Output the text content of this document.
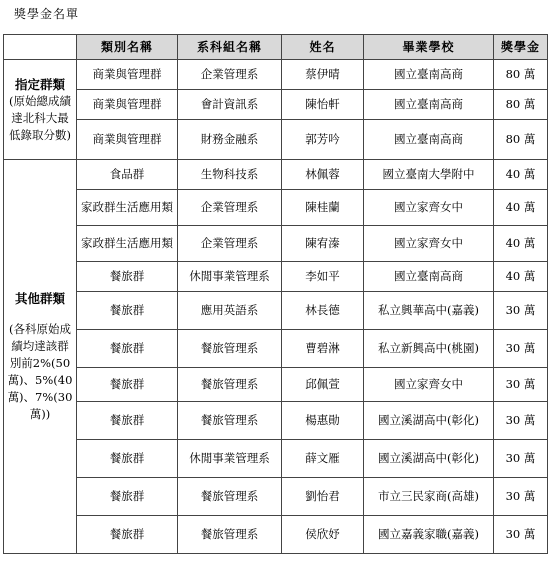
獎學金名單
	類別名稱	系科組名稱	姓名	畢業學校	獎學金

指定群類
(原始總成績達北科大最低錄取分數)	商業與管理群	企業管理系	蔡伊晴	國立臺南高商	80 萬
	商業與管理群	會計資訊系	陳怡軒	國立臺南高商	80 萬
	商業與管理群	財務金融系	郭芳吟	國立臺南高商	80 萬

其他群類
(各科原始成績均達該群別前2%(50萬)、5%(40萬)、7%(30萬))	食品群	生物科技系	林佩蓉	國立臺南大學附中	40 萬
	家政群生活應用類	企業管理系	陳桂蘭	國立家齊女中	40 萬
	家政群生活應用類	企業管理系	陳宥溱	國立家齊女中	40 萬
	餐旅群	休閒事業管理系	李如平	國立臺南高商	40 萬
	餐旅群	應用英語系	林長德	私立興華高中(嘉義)	30 萬
	餐旅群	餐旅管理系	曹碧淋	私立新興高中(桃園)	30 萬
	餐旅群	餐旅管理系	邱佩萱	國立家齊女中	30 萬
	餐旅群	餐旅管理系	楊惠勛	國立溪湖高中(彰化)	30 萬
	餐旅群	休閒事業管理系	薛文雁	國立溪湖高中(彰化)	30 萬
	餐旅群	餐旅管理系	劉怡君	市立三民家商(高雄)	30 萬
	餐旅群	餐旅管理系	侯欣妤	國立嘉義家職(嘉義)	30 萬
